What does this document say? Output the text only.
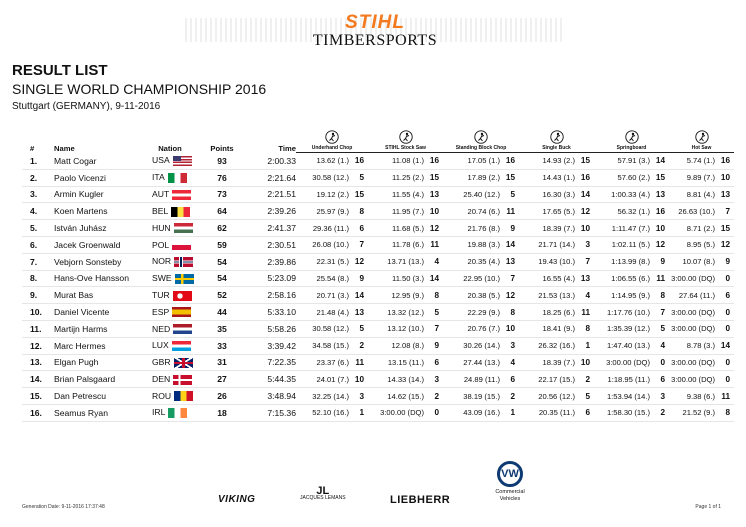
STIHL
TIMBERSPORTS
RESULT LIST
SINGLE WORLD CHAMPIONSHIP 2016
Stuttgart (GERMANY), 9-11-2016
#	Name	Nation	Points	Time	Underhand Chop	STIHL Stock Saw	Standing Block Chop	Single Buck	Springboard	Hot Saw
1.	Matt Cogar	USA	93	2:00.33	13.62 (1.) 16	11.08 (1.) 16	17.05 (1.) 16	14.93 (2.) 15	57.91 (3.) 14	5.74 (1.) 16
2.	Paolo Vicenzi	ITA	76	2:21.64	30.58 (12.) 5	11.25 (2.) 15	17.89 (2.) 15	14.43 (1.) 16	57.60 (2.) 15	9.89 (7.) 10
3.	Armin Kugler	AUT	73	2:21.51	19.12 (2.) 15	11.55 (4.) 13	25.40 (12.) 5	16.30 (3.) 14	1:00.33 (4.) 13	8.81 (4.) 13
4.	Koen Martens	BEL	64	2:39.26	25.97 (9.) 8	11.95 (7.) 10	20.74 (6.) 11	17.65 (5.) 12	56.32 (1.) 16	26.63 (10.) 7
5.	István Juhász	HUN	62	2:41.37	29.36 (11.) 6	11.68 (5.) 12	21.76 (8.) 9	18.39 (7.) 10	1:11.47 (7.) 10	8.71 (2.) 15
6.	Jacek Groenwald	POL	59	2:30.51	26.08 (10.) 7	11.78 (6.) 11	19.88 (3.) 14	21.71 (14.) 3	1:02.11 (5.) 12	8.95 (5.) 12
7.	Vebjorn Sonsteby	NOR	54	2:39.86	22.31 (5.) 12	13.71 (13.) 4	20.35 (4.) 13	19.43 (10.) 7	1:13.99 (8.) 9	10.07 (8.) 9
8.	Hans-Ove Hansson	SWE	54	5:23.09	25.54 (8.) 9	11.50 (3.) 14	22.95 (10.) 7	16.55 (4.) 13	1:06.55 (6.) 11	3:00.00 (DQ) 0
9.	Murat Bas	TUR	52	2:58.16	20.71 (3.) 14	12.95 (9.) 8	20.38 (5.) 12	21.53 (13.) 4	1:14.95 (9.) 8	27.64 (11.) 6
10.	Daniel Vicente	ESP	44	5:33.10	21.48 (4.) 13	13.32 (12.) 5	22.29 (9.) 8	18.25 (6.) 11	1:17.76 (10.) 7	3:00.00 (DQ) 0
11.	Martijn Harms	NED	35	5:58.26	30.58 (12.) 5	13.12 (10.) 7	20.76 (7.) 10	18.41 (9.) 8	1:35.39 (12.) 5	3:00.00 (DQ) 0
12.	Marc Hermes	LUX	33	3:39.42	34.58 (15.) 2	12.08 (8.) 9	30.26 (14.) 3	26.32 (16.) 1	1:47.40 (13.) 4	8.78 (3.) 14
13.	Elgan Pugh	GBR	31	7:22.35	23.37 (6.) 11	13.15 (11.) 6	27.44 (13.) 4	18.39 (7.) 10	3:00.00 (DQ) 0	3:00.00 (DQ) 0
14.	Brian Palsgaard	DEN	27	5:44.35	24.01 (7.) 10	14.33 (14.) 3	24.89 (11.) 6	22.17 (15.) 2	1:18.95 (11.) 6	3:00.00 (DQ) 0
15.	Dan Petrescu	ROU	26	3:48.94	32.25 (14.) 3	14.62 (15.) 2	38.19 (15.) 2	20.56 (12.) 5	1:53.94 (14.) 3	9.38 (6.) 11
16.	Seamus Ryan	IRL	18	7:15.36	52.10 (16.) 1	3:00.00 (DQ) 0	43.09 (16.) 1	20.35 (11.) 6	1:58.30 (15.) 2	21.52 (9.) 8
VIKING
JL
JACQUES LEMANS	LIEBHERR
VW
Commercial Vehicles
Generation Date: 9-11-2016 17:37:48	Page 1 of 1
